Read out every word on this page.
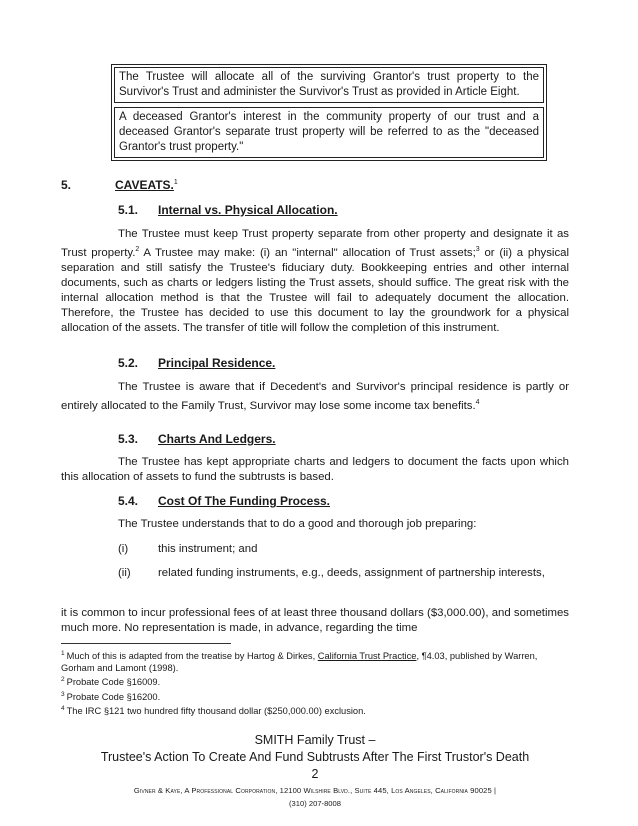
The Trustee will allocate all of the surviving Grantor's trust property to the Survivor's Trust and administer the Survivor's Trust as provided in Article Eight.
A deceased Grantor's interest in the community property of our trust and a deceased Grantor's separate trust property will be referred to as the "deceased Grantor's trust property."
5.	CAVEATS.$^1$
5.1. Internal vs. Physical Allocation.
The Trustee must keep Trust property separate from other property and designate it as Trust property.$^2$ A Trustee may make: (i) an "internal" allocation of Trust assets;$^3$ or (ii) a physical separation and still satisfy the Trustee's fiduciary duty. Bookkeeping entries and other internal documents, such as charts or ledgers listing the Trust assets, should suffice. The great risk with the internal allocation method is that the Trustee will fail to adequately document the allocation. Therefore, the Trustee has decided to use this document to lay the groundwork for a physical allocation of the assets. The transfer of title will follow the completion of this instrument.
5.2. Principal Residence.
The Trustee is aware that if Decedent's and Survivor's principal residence is partly or entirely allocated to the Family Trust, Survivor may lose some income tax benefits.$^4$
5.3. Charts And Ledgers.
The Trustee has kept appropriate charts and ledgers to document the facts upon which this allocation of assets to fund the subtrusts is based.
5.4. Cost Of The Funding Process.
The Trustee understands that to do a good and thorough job preparing:
(i)	this instrument; and
(ii) related funding instruments, e.g., deeds, assignment of partnership interests,
it is common to incur professional fees of at least three thousand dollars ($3,000.00), and sometimes much more. No representation is made, in advance, regarding the time
$^1$ Much of this is adapted from the treatise by Hartog & Dirkes, California Trust Practice, ¶4.03, published by Warren, Gorham and Lamont (1998).
$^2$ Probate Code §16009.
$^3$ Probate Code §16200.
$^4$ The IRC §121 two hundred fifty thousand dollar ($250,000.00) exclusion.
SMITH Family Trust –
Trustee's Action To Create And Fund Subtrusts After The First Trustor's Death
2
Givner & Kaye, A Professional Corporation, 12100 Wilshire Blvd., Suite 445, Los Angeles, California 90025 |
(310) 207-8008
